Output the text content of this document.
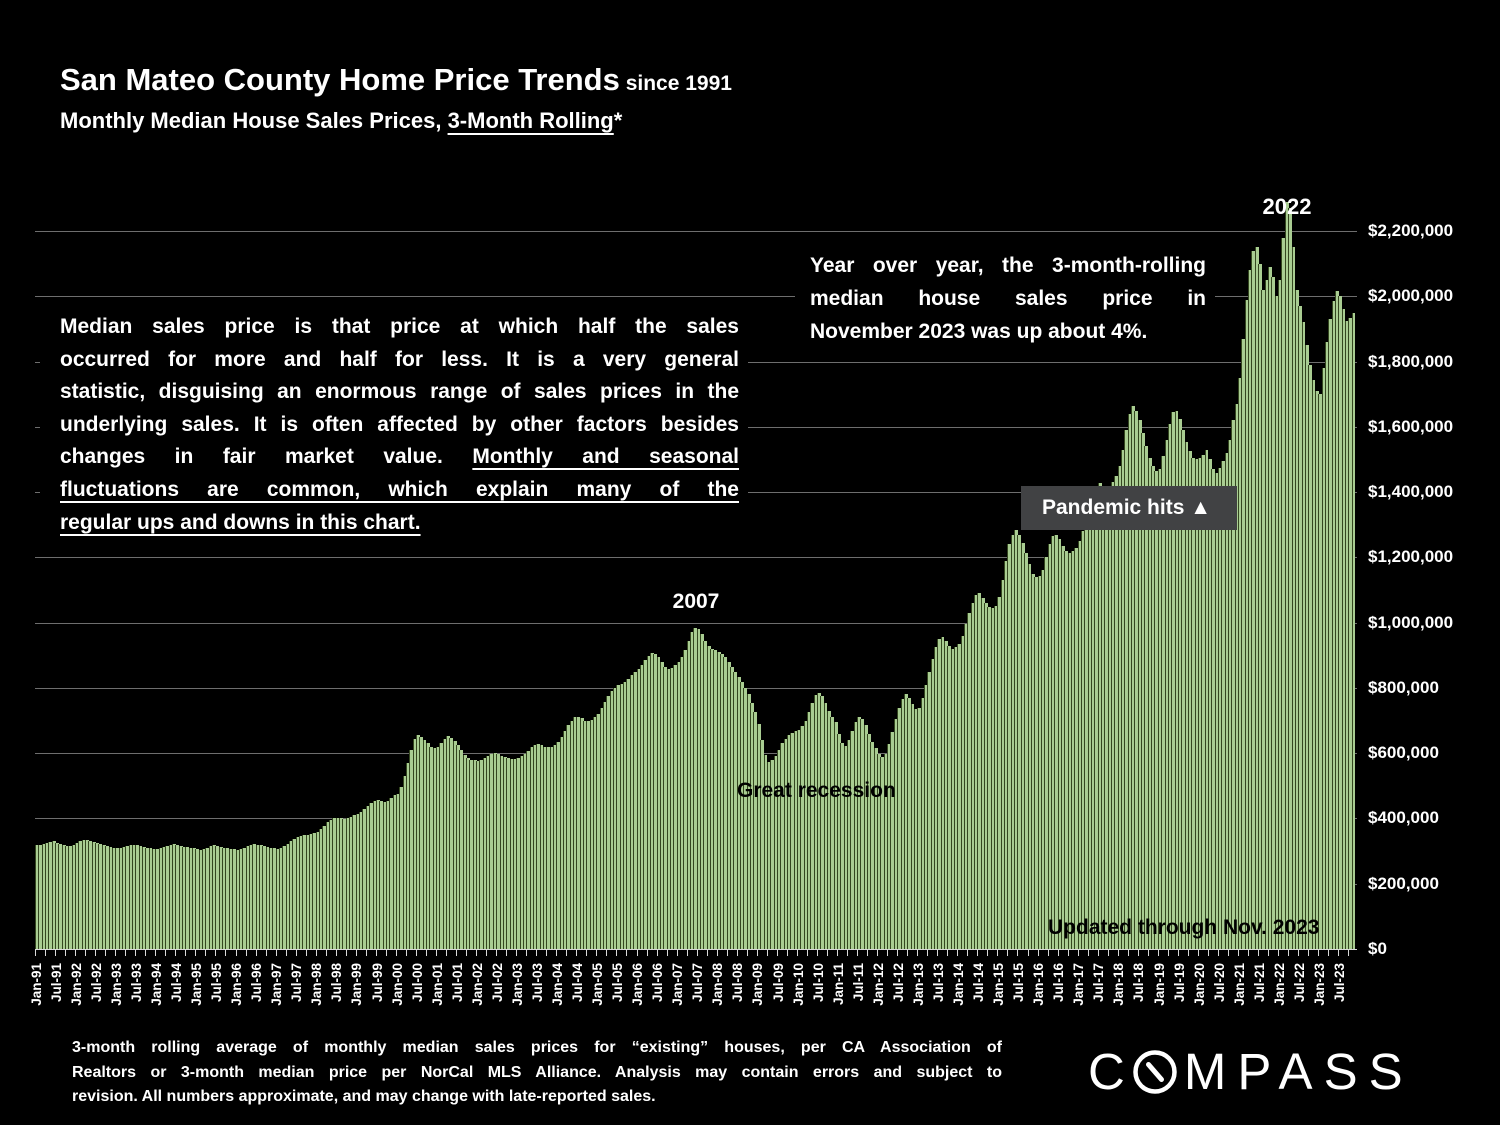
$0
$200,000
$400,000
$600,000
$800,000
$1,000,000
$1,200,000
$1,400,000
$1,600,000
$1,800,000
$2,000,000
$2,200,000
Jan-91 Jul-91 Jan-92 Jul-92 Jan-93 Jul-93 Jan-94 Jul-94 Jan-95 Jul-95 Jan-96 Jul-96 Jan-97 Jul-97 Jan-98 Jul-98 Jan-99 Jul-99 Jan-00 Jul-00 Jan-01 Jul-01 Jan-02 Jul-02 Jan-03 Jul-03 Jan-04 Jul-04 Jan-05 Jul-05 Jan-06 Jul-06 Jan-07 Jul-07 Jan-08 Jul-08 Jan-09 Jul-09 Jan-10 Jul-10 Jan-11 Jul-11 Jan-12 Jul-12 Jan-13 Jul-13 Jan-14 Jul-14 Jan-15 Jul-15 Jan-16 Jul-16 Jan-17 Jul-17 Jan-18 Jul-18 Jan-19 Jul-19 Jan-20 Jul-20 Jan-21 Jul-21 Jan-22 Jul-22 Jan-23 Jul-23
San Mateo County Home Price Trends since 1991
Monthly Median House Sales Prices, 3-Month Rolling*
Median sales price is that price at which half the sales
occurred for more and half for less. It is a very general
statistic, disguising an enormous range of sales prices in the
underlying sales. It is often affected by other factors besides
changes in fair market value. Monthly and seasonal
fluctuations are common, which explain many of the
regular ups and downs in this chart.
Year over year, the 3-month-rolling
median house sales price in
November 2023 was up about 4%.
2022
2007
Great recession
Pandemic hits ▲
Updated through Nov. 2023
3-month rolling average of monthly median sales prices for “existing” houses, per CA Association of
Realtors or 3-month median price per NorCal MLS Alliance. Analysis may contain errors and subject to
revision. All numbers approximate, and may change with late-reported sales.	C MPASS
